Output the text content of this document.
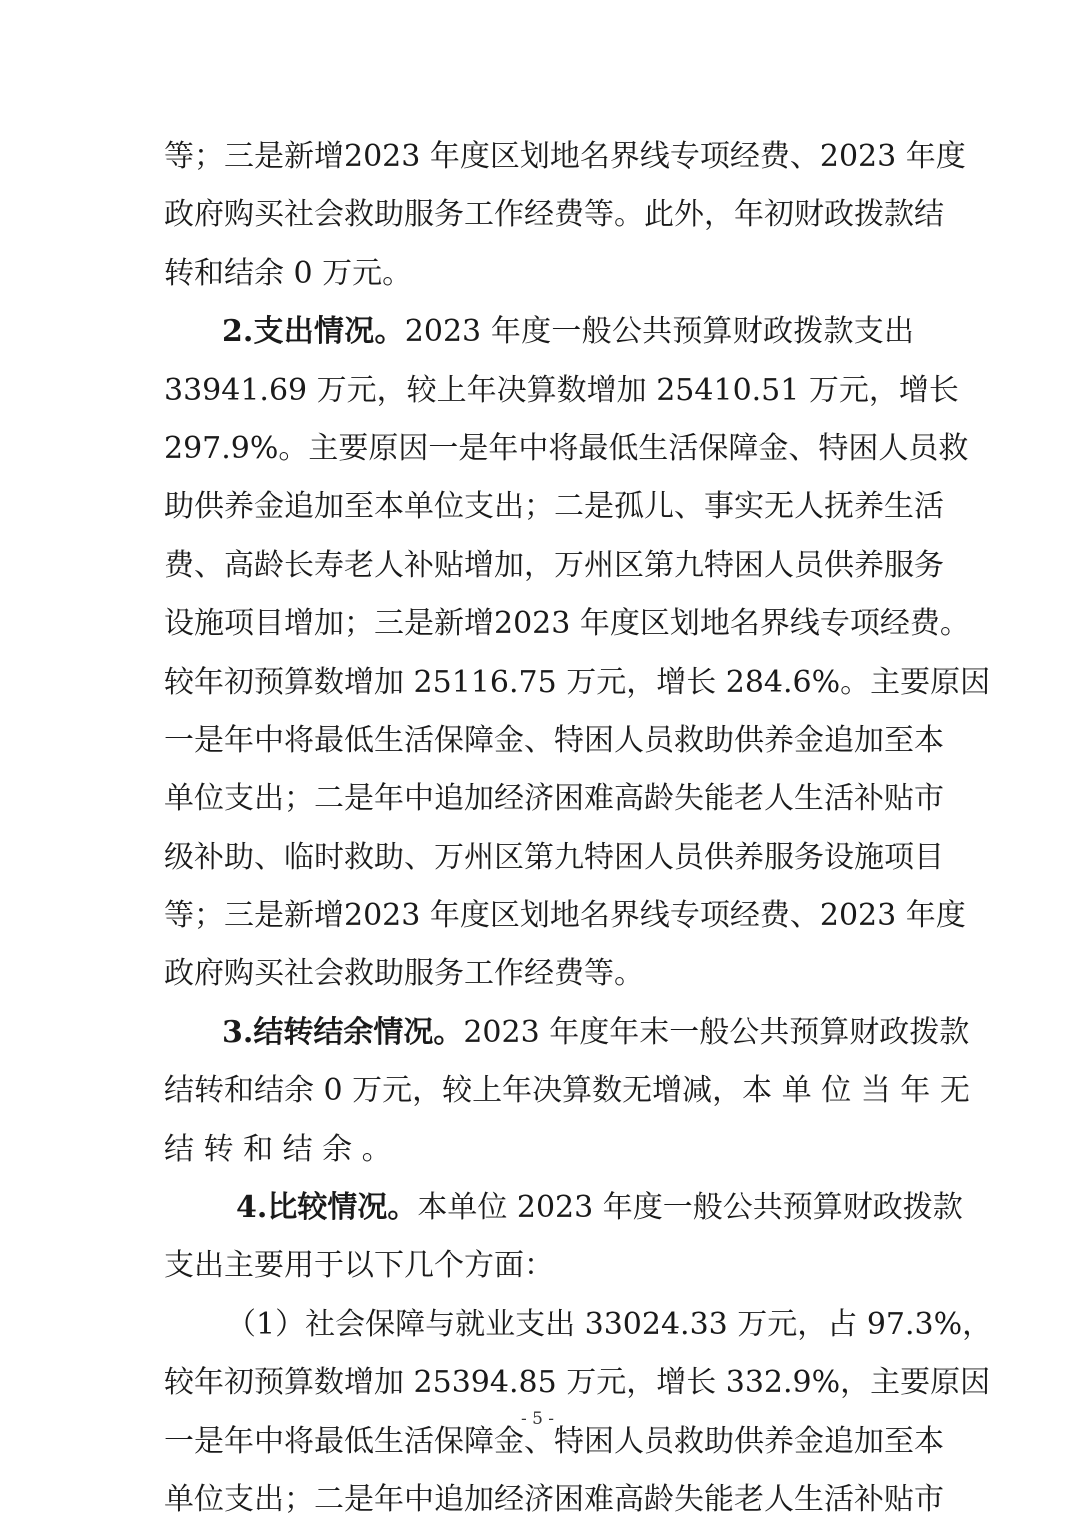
等；三是新增2023 年度区划地名界线专项经费、2023 年度
政府购买社会救助服务工作经费等。此外，年初财政拨款结
转和结余 0 万元。
2.支出情况。2023 年度一般公共预算财政拨款支出
33941.69 万元，较上年决算数增加 25410.51 万元，增长
297.9%。主要原因一是年中将最低生活保障金、特困人员救
助供养金追加至本单位支出；二是孤儿、事实无人抚养生活
费、高龄长寿老人补贴增加，万州区第九特困人员供养服务
设施项目增加；三是新增2023 年度区划地名界线专项经费。
较年初预算数增加 25116.75 万元，增长 284.6%。主要原因
一是年中将最低生活保障金、特困人员救助供养金追加至本
单位支出；二是年中追加经济困难高龄失能老人生活补贴市
级补助、临时救助、万州区第九特困人员供养服务设施项目
等；三是新增2023 年度区划地名界线专项经费、2023 年度
政府购买社会救助服务工作经费等。
3.结转结余情况。2023 年度年末一般公共预算财政拨款
结转和结余 0 万元，较上年决算数无增减，本 单 位 当 年 无
结 转 和 结 余 。
4.比较情况。本单位 2023 年度一般公共预算财政拨款
支出主要用于以下几个方面：
（1）社会保障与就业支出 33024.33 万元，占 97.3%，
较年初预算数增加 25394.85 万元，增长 332.9%，主要原因
一是年中将最低生活保障金、特困人员救助供养金追加至本
单位支出；二是年中追加经济困难高龄失能老人生活补贴市
- 5 -
